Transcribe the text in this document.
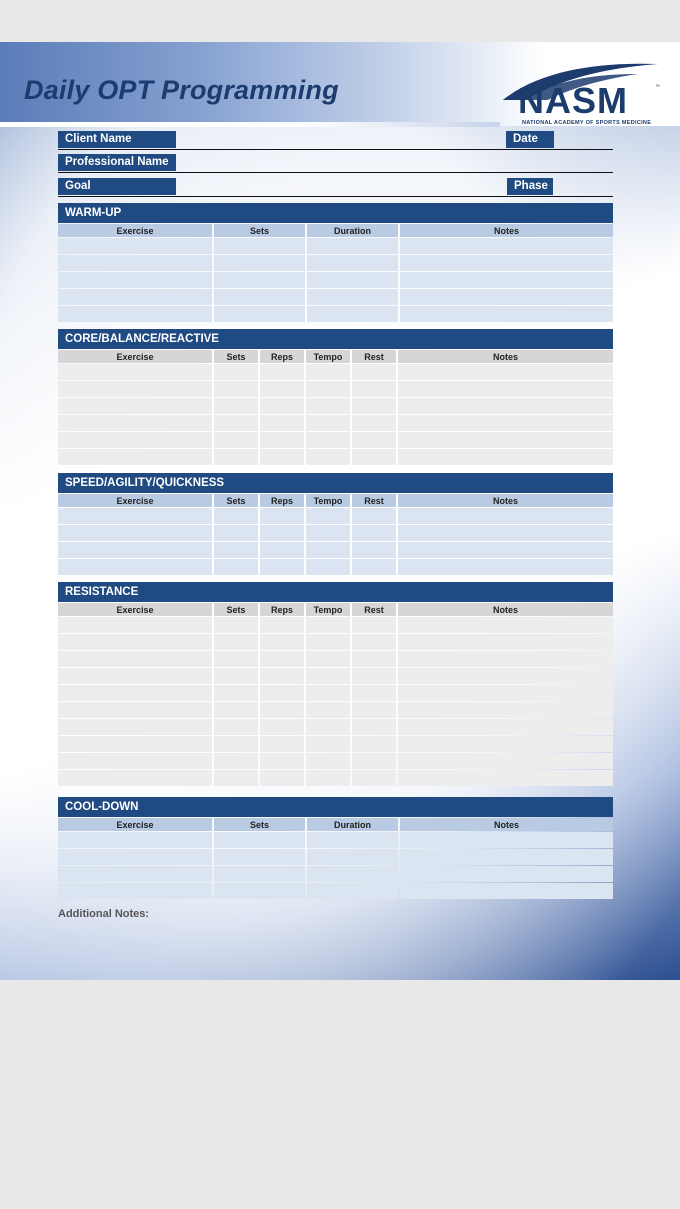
Daily OPT Programming	NASM	™
NATIONAL ACADEMY OF SPORTS MEDICINE
Client Name	Date
Professional Name
Goal	Phase
WARM-UP
Exercise	Sets	Duration	Notes

CORE/BALANCE/REACTIVE
Exercise	Sets	Reps	Tempo	Rest	Notes

SPEED/AGILITY/QUICKNESS
Exercise	Sets	Reps	Tempo	Rest	Notes

RESISTANCE
Exercise	Sets	Reps	Tempo	Rest	Notes

COOL-DOWN
Exercise	Sets	Duration	Notes

Additional Notes:
